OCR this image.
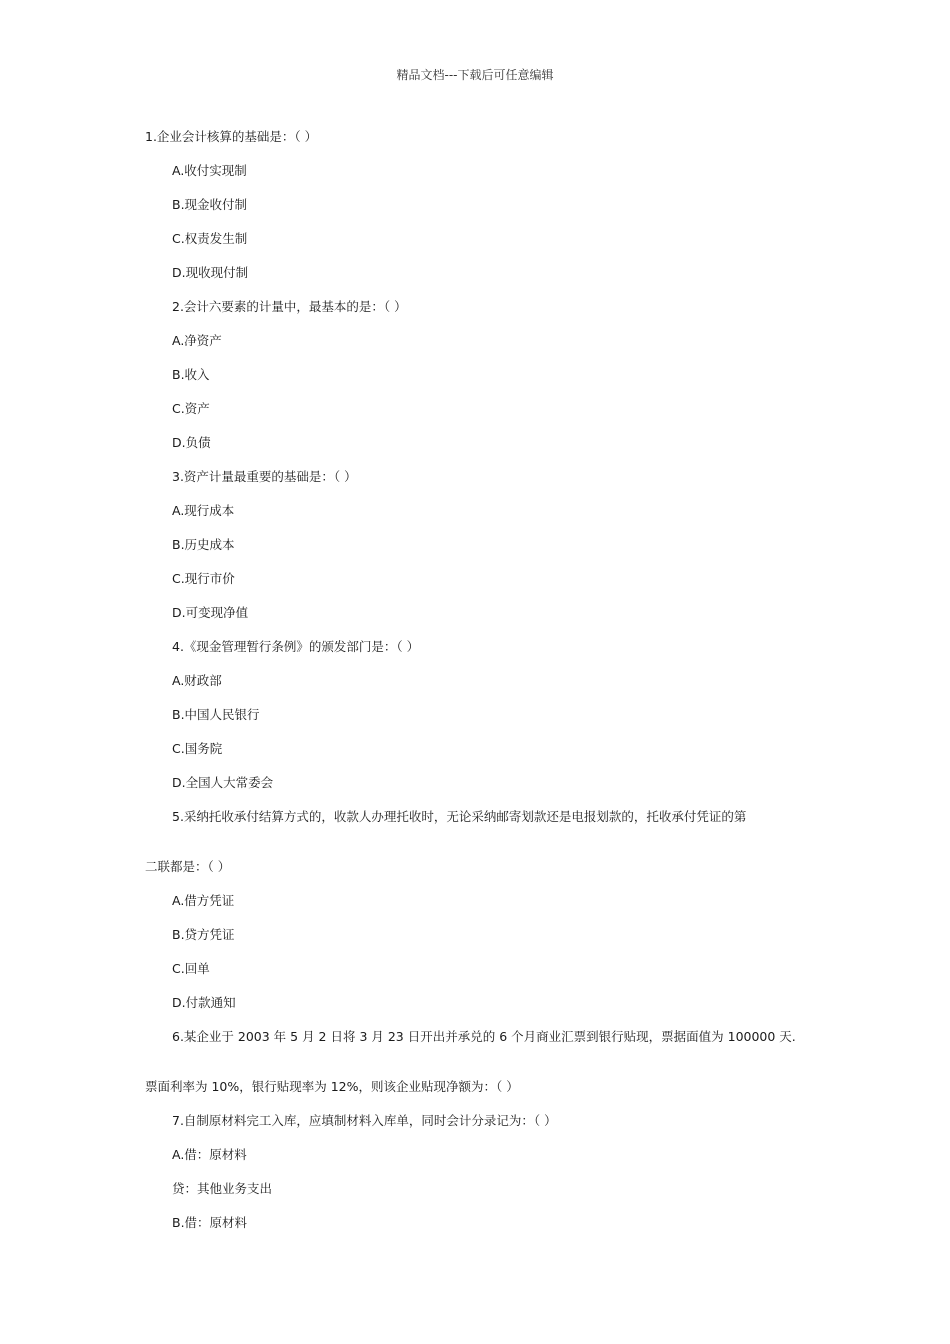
精品文档---下载后可任意编辑
1.企业会计核算的基础是：（ ）
A.收付实现制
B.现金收付制
C.权责发生制
D.现收现付制
2.会计六要素的计量中，最基本的是：（ ）
A.净资产
B.收入
C.资产
D.负债
3.资产计量最重要的基础是：（ ）
A.现行成本
B.历史成本
C.现行市价
D.可变现净值
4.《现金管理暂行条例》的颁发部门是：（ ）
A.财政部
B.中国人民银行
C.国务院
D.全国人大常委会
5.采纳托收承付结算方式的，收款人办理托收时，无论采纳邮寄划款还是电报划款的，托收承付凭证的第
二联都是：（ ）
A.借方凭证
B.贷方凭证
C.回单
D.付款通知
6.某企业于 2003 年 5 月 2 日将 3 月 23 日开出并承兑的 6 个月商业汇票到银行贴现，票据面值为 100000 天.
票面利率为 10%，银行贴现率为 12%，则该企业贴现净额为：（ ）
7.自制原材料完工入库，应填制材料入库单，同时会计分录记为：（ ）
A.借：原材料
贷：其他业务支出
B.借：原材料
